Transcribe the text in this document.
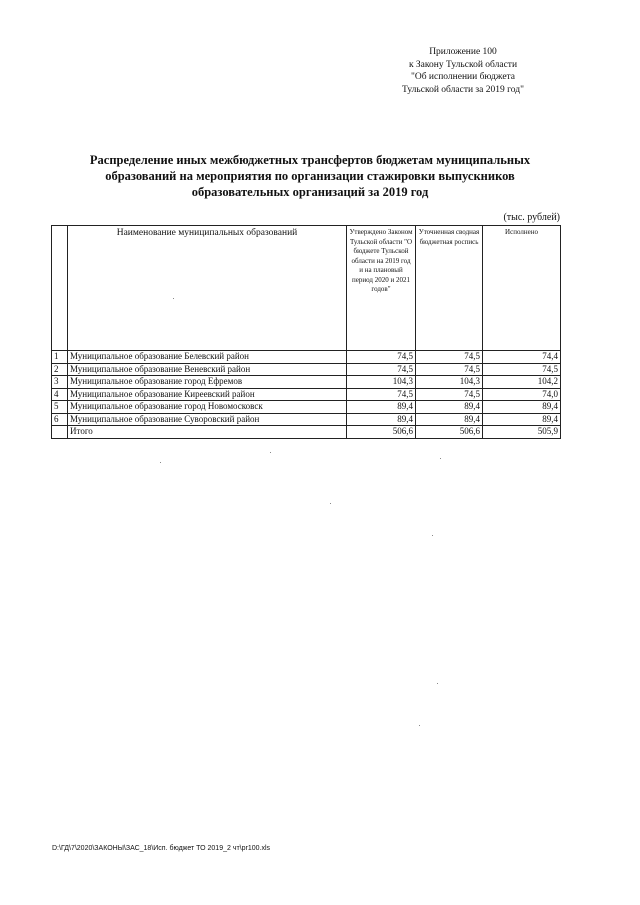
Приложение 100
к Закону Тульской области
"Об исполнении бюджета
Тульской области за 2019 год"
Распределение иных межбюджетных трансфертов бюджетам муниципальных
образований на мероприятия по организации стажировки выпускников
образовательных организаций за 2019 год
(тыс. рублей)
	Наименование муниципальных образований	Утверждено Законом Тульской области "О бюджете Тульской области на 2019 год и на плановый период 2020 и 2021 годов"	Уточненная сводная бюджетная роспись	Исполнено
1	Муниципальное образование Белевский район	74,5	74,5	74,4
2	Муниципальное образование Веневский район	74,5	74,5	74,5
3	Муниципальное образование город Ефремов	104,3	104,3	104,2
4	Муниципальное образование Киреевский район	74,5	74,5	74,0
5	Муниципальное образование город Новомосковск	89,4	89,4	89,4
6	Муниципальное образование Суворовский район	89,4	89,4	89,4
	Итого	506,6	506,6	505,9
D:\ГД\7\2020\ЗАКОНЫ\ЗАС_18\Исп. бюджет ТО 2019_2 чт\pr100.xls
